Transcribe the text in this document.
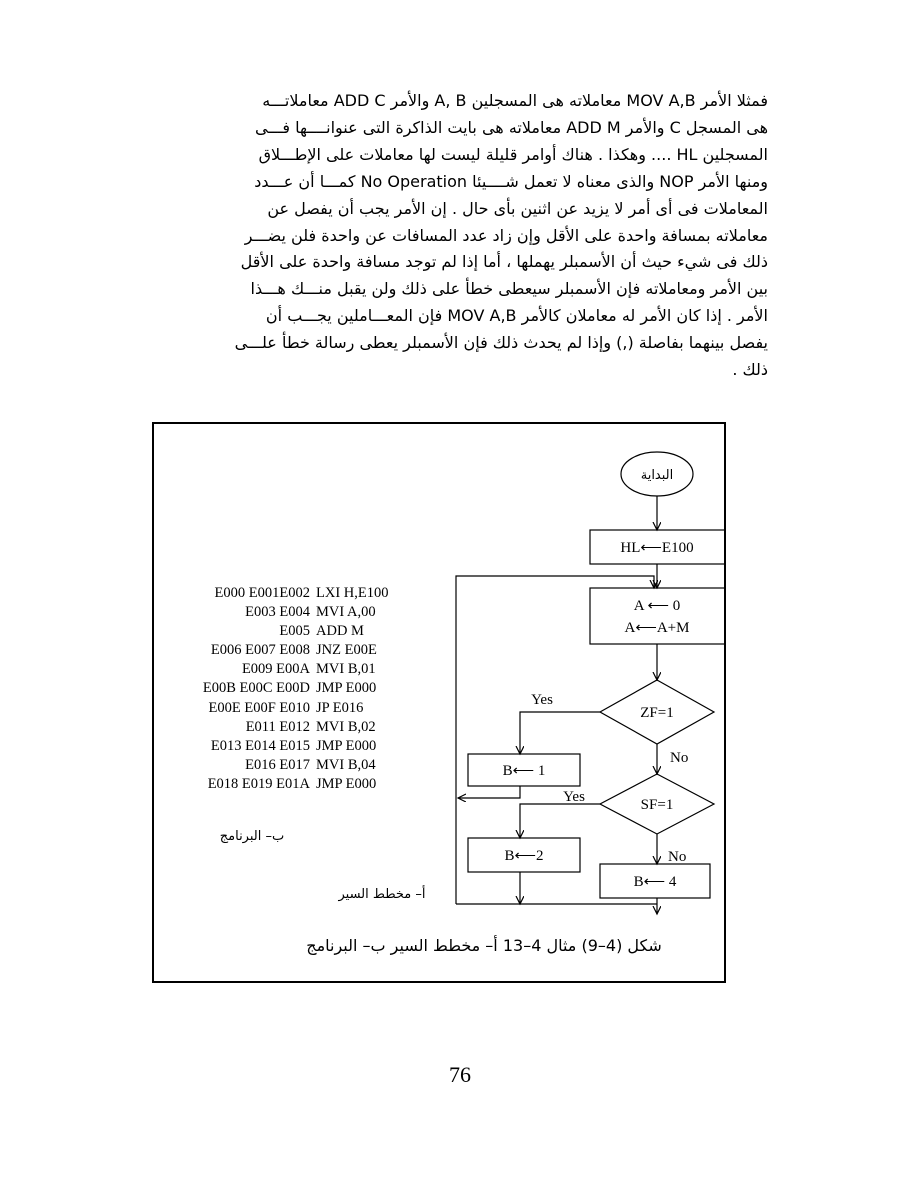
فمثلا الأمر MOV A,B معاملاته هى المسجلين A, B والأمر ADD C معاملاتـــه

هى المسجل C والأمر ADD M معاملاته هى بايت الذاكرة التى عنوانــــها فـــى

المسجلين HL .... وهكذا . هناك أوامر قليلة ليست لها معاملات على الإطـــلاق

ومنها الأمر NOP والذى معناه لا تعمل شــــيئا No Operation كمـــا أن عـــدد

المعاملات فى أى أمر لا يزيد عن اثنين بأى حال . إن الأمر يجب أن يفصل عن

معاملاته بمسافة واحدة على الأقل وإن زاد عدد المسافات عن واحدة فلن يضـــر

ذلك فى شيء حيث أن الأسمبلر يهملها ، أما إذا لم توجد مسافة واحدة على الأقل

بين الأمر ومعاملاته فإن الأسمبلر سيعطى خطأ على ذلك ولن يقبل منـــك هـــذا

الأمر . إذا كان الأمر له معاملان كالأمر MOV A,B فإن المعـــاملين يجـــب أن

يفصل بينهما بفاصلة (,) وإذا لم يحدث ذلك فإن الأسمبلر يعطى رسالة خطأ علـــى

ذلك .

البداية
HL⟵E100
A ⟵ 0
A⟵A+M
ZF=1
Yes
No
B⟵ 1
SF=1
Yes
No
B⟵2
B⟵ 4
ب– البرنامج
أ– مخطط السير
شكل (4–9) مثال 4–13 أ– مخطط السير ب– البرنامج
E000 E001E002 LXI H,E100
E003 E004 MVI A,00
E005 ADD M
E006 E007 E008 JNZ E00E
E009 E00A MVI B,01
E00B E00C E00D JMP E000
E00E E00F E010 JP E016
E011 E012 MVI B,02
E013 E014 E015 JMP E000
E016 E017 MVI B,04
E018 E019 E01A JMP E000
76
